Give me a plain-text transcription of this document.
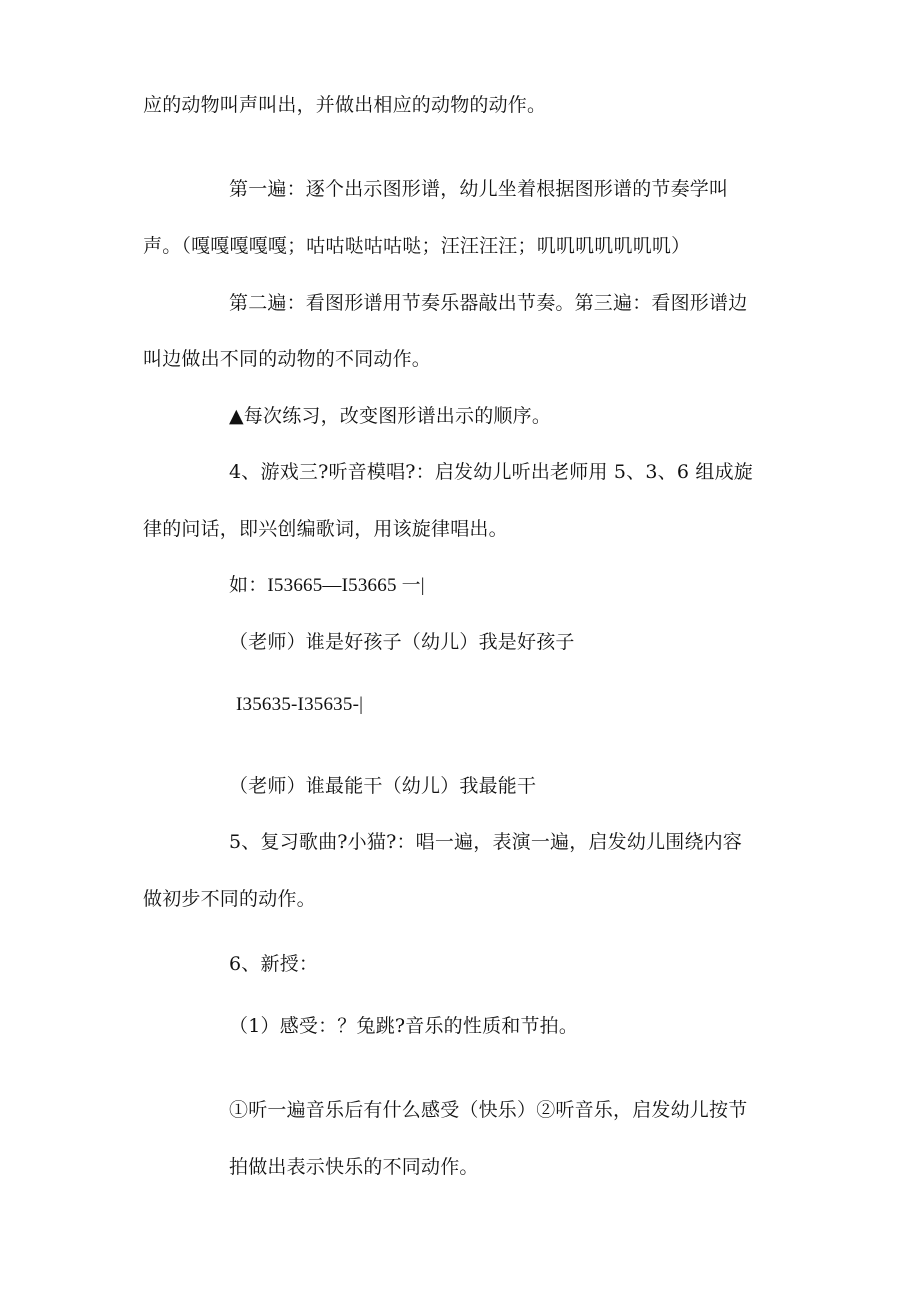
应的动物叫声叫出，并做出相应的动物的动作。

第一遍：逐个出示图形谱，幼儿坐着根据图形谱的节奏学叫

声。（嘎嘎嘎嘎嘎；咕咕哒咕咕哒；汪汪汪汪；叽叽叽叽叽叽叽）

第二遍：看图形谱用节奏乐器敲出节奏。第三遍：看图形谱边

叫边做出不同的动物的不同动作。

▲每次练习，改变图形谱出示的顺序。

4、游戏三?听音模唱?：启发幼儿听出老师用 5、3、6 组成旋

律的问话，即兴创编歌词，用该旋律唱出。

如：I53665—I53665 一|

（老师）谁是好孩子（幼儿）我是好孩子

I35635-I35635-|

（老师）谁最能干（幼儿）我最能干

5、复习歌曲?小猫?：唱一遍，表演一遍，启发幼儿围绕内容

做初步不同的动作。

6、新授：

（1）感受：？兔跳?音乐的性质和节拍。

①听一遍音乐后有什么感受（快乐）②听音乐，启发幼儿按节

拍做出表示快乐的不同动作。
